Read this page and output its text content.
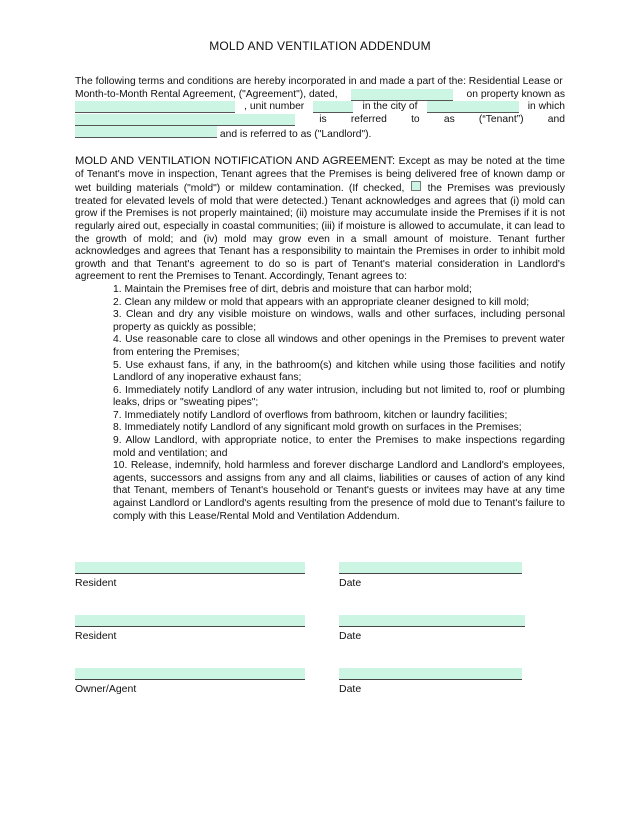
MOLD AND VENTILATION ADDENDUM
The following terms and conditions are hereby incorporated in and made a part of the: Residential Lease or
Month-to-Month Rental Agreement, ("Agreement"), dated,	on property known as
, unit number	in the city of	in which
is referred to as (“Tenant”) and
and is referred to as ("Landlord").

MOLD AND VENTILATION NOTIFICATION AND AGREEMENT: Except as may be noted at the time of Tenant's move in inspection, Tenant agrees that the Premises is being delivered free of known damp or wet building materials ("mold") or mildew contamination. (If checked, the Premises was previously treated for elevated levels of mold that were detected.) Tenant acknowledges and agrees that (i) mold can grow if the Premises is not properly maintained; (ii) moisture may accumulate inside the Premises if it is not regularly aired out, especially in coastal communities; (iii) if moisture is allowed to accumulate, it can lead to the growth of mold; and (iv) mold may grow even in a small amount of moisture. Tenant further acknowledges and agrees that Tenant has a responsibility to maintain the Premises in order to inhibit mold growth and that Tenant's agreement to do so is part of Tenant's material consideration in Landlord's agreement to rent the Premises to Tenant. Accordingly, Tenant agrees to:

1. Maintain the Premises free of dirt, debris and moisture that can harbor mold;
2. Clean any mildew or mold that appears with an appropriate cleaner designed to kill mold;
3. Clean and dry any visible moisture on windows, walls and other surfaces, including personal property as quickly as possible;
4. Use reasonable care to close all windows and other openings in the Premises to prevent water from entering the Premises;
5. Use exhaust fans, if any, in the bathroom(s) and kitchen while using those facilities and notify Landlord of any inoperative exhaust fans;
6. Immediately notify Landlord of any water intrusion, including but not limited to, roof or plumbing leaks, drips or "sweating pipes";
7. Immediately notify Landlord of overflows from bathroom, kitchen or laundry facilities;
8. Immediately notify Landlord of any significant mold growth on surfaces in the Premises;
9. Allow Landlord, with appropriate notice, to enter the Premises to make inspections regarding mold and ventilation; and
10. Release, indemnify, hold harmless and forever discharge Landlord and Landlord's employees, agents, successors and assigns from any and all claims, liabilities or causes of action of any kind that Tenant, members of Tenant's household or Tenant's guests or invitees may have at any time against Landlord or Landlord's agents resulting from the presence of mold due to Tenant's failure to comply with this Lease/Rental Mold and Ventilation Addendum.
Resident	Date
Resident	Date
Owner/Agent	Date
